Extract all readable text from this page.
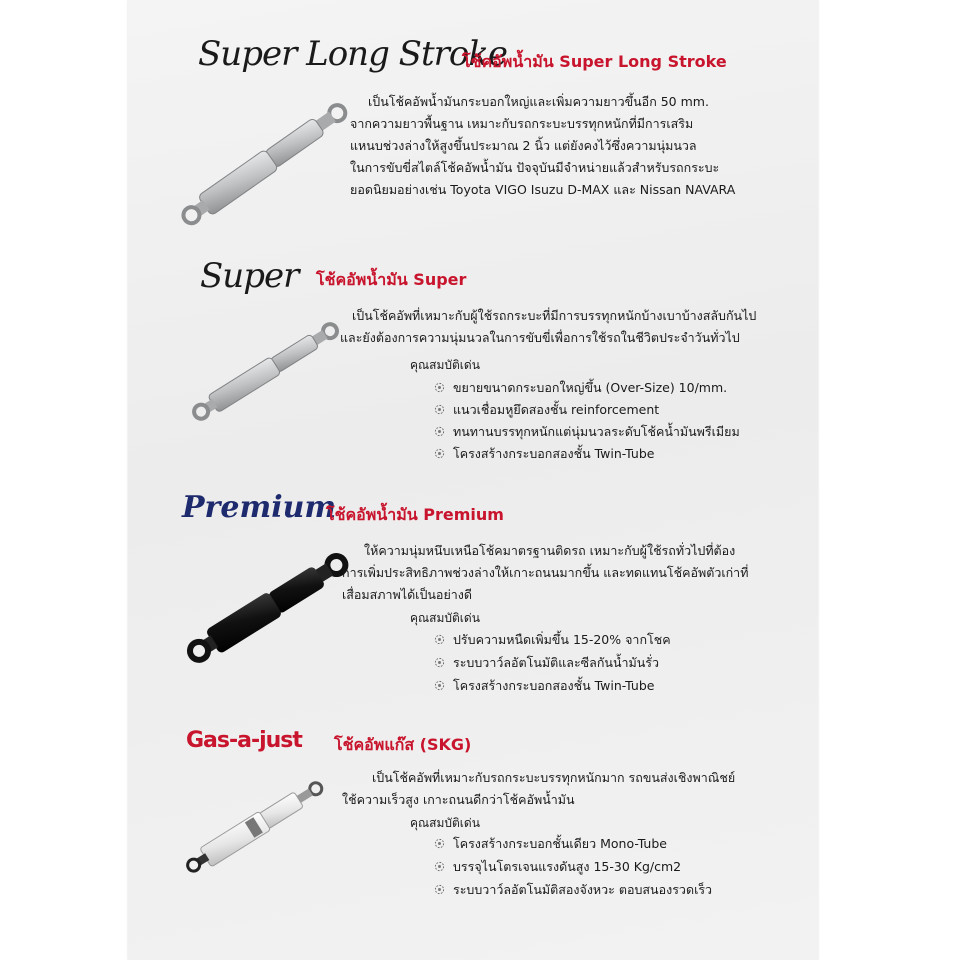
Super Long Stroke
โช้คอัพน้ำมัน Super Long Stroke
เป็นโช้คอัพน้ำมันกระบอกใหญ่และเพิ่มความยาวขึ้นอีก 50 mm.
จากความยาวพื้นฐาน เหมาะกับรถกระบะบรรทุกหนักที่มีการเสริม
แหนบช่วงล่างให้สูงขึ้นประมาณ 2 นิ้ว แต่ยังคงไว้ซึ่งความนุ่มนวล
ในการขับขี่สไตล์โช้คอัพน้ำมัน ปัจจุบันมีจำหน่ายแล้วสำหรับรถกระบะ
ยอดนิยมอย่างเช่น Toyota VIGO Isuzu D-MAX และ Nissan NAVARA
Super โช้คอัพน้ำมัน Super
เป็นโช้คอัพที่เหมาะกับผู้ใช้รถกระบะที่มีการบรรทุกหนักบ้างเบาบ้างสลับกันไป
และยังต้องการความนุ่มนวลในการขับขี่เพื่อการใช้รถในชีวิตประจำวันทั่วไป
คุณสมบัติเด่น
ขยายขนาดกระบอกใหญ่ขึ้น (Over-Size) 10/mm.
แนวเชื่อมหูยึดสองชั้น reinforcement
ทนทานบรรทุกหนักแต่นุ่มนวลระดับโช้คน้ำมันพรีเมียม
โครงสร้างกระบอกสองชั้น Twin-Tube
Premium
โช้คอัพน้ำมัน Premium
ให้ความนุ่มหนึบเหนือโช้คมาตรฐานติดรถ เหมาะกับผู้ใช้รถทั่วไปที่ต้อง
การเพิ่มประสิทธิภาพช่วงล่างให้เกาะถนนมากขึ้น และทดแทนโช้คอัพตัวเก่าที่
เสื่อมสภาพได้เป็นอย่างดี
คุณสมบัติเด่น
ปรับความหนืดเพิ่มขึ้น 15-20% จากโชค
ระบบวาว์ลอัตโนมัติและซีลกันน้ำมันรั่ว
โครงสร้างกระบอกสองชั้น Twin-Tube
Gas-a-just โช้คอัพแก๊ส (SKG)
เป็นโช้คอัพที่เหมาะกับรถกระบะบรรทุกหนักมาก รถขนส่งเชิงพาณิชย์
ใช้ความเร็วสูง เกาะถนนดีกว่าโช้คอัพน้ำมัน
คุณสมบัติเด่น
โครงสร้างกระบอกชั้นเดียว Mono-Tube
บรรจุไนโตรเจนแรงดันสูง 15-30 Kg/cm2
ระบบวาว์ลอัตโนมัติสองจังหวะ ตอบสนองรวดเร็ว
